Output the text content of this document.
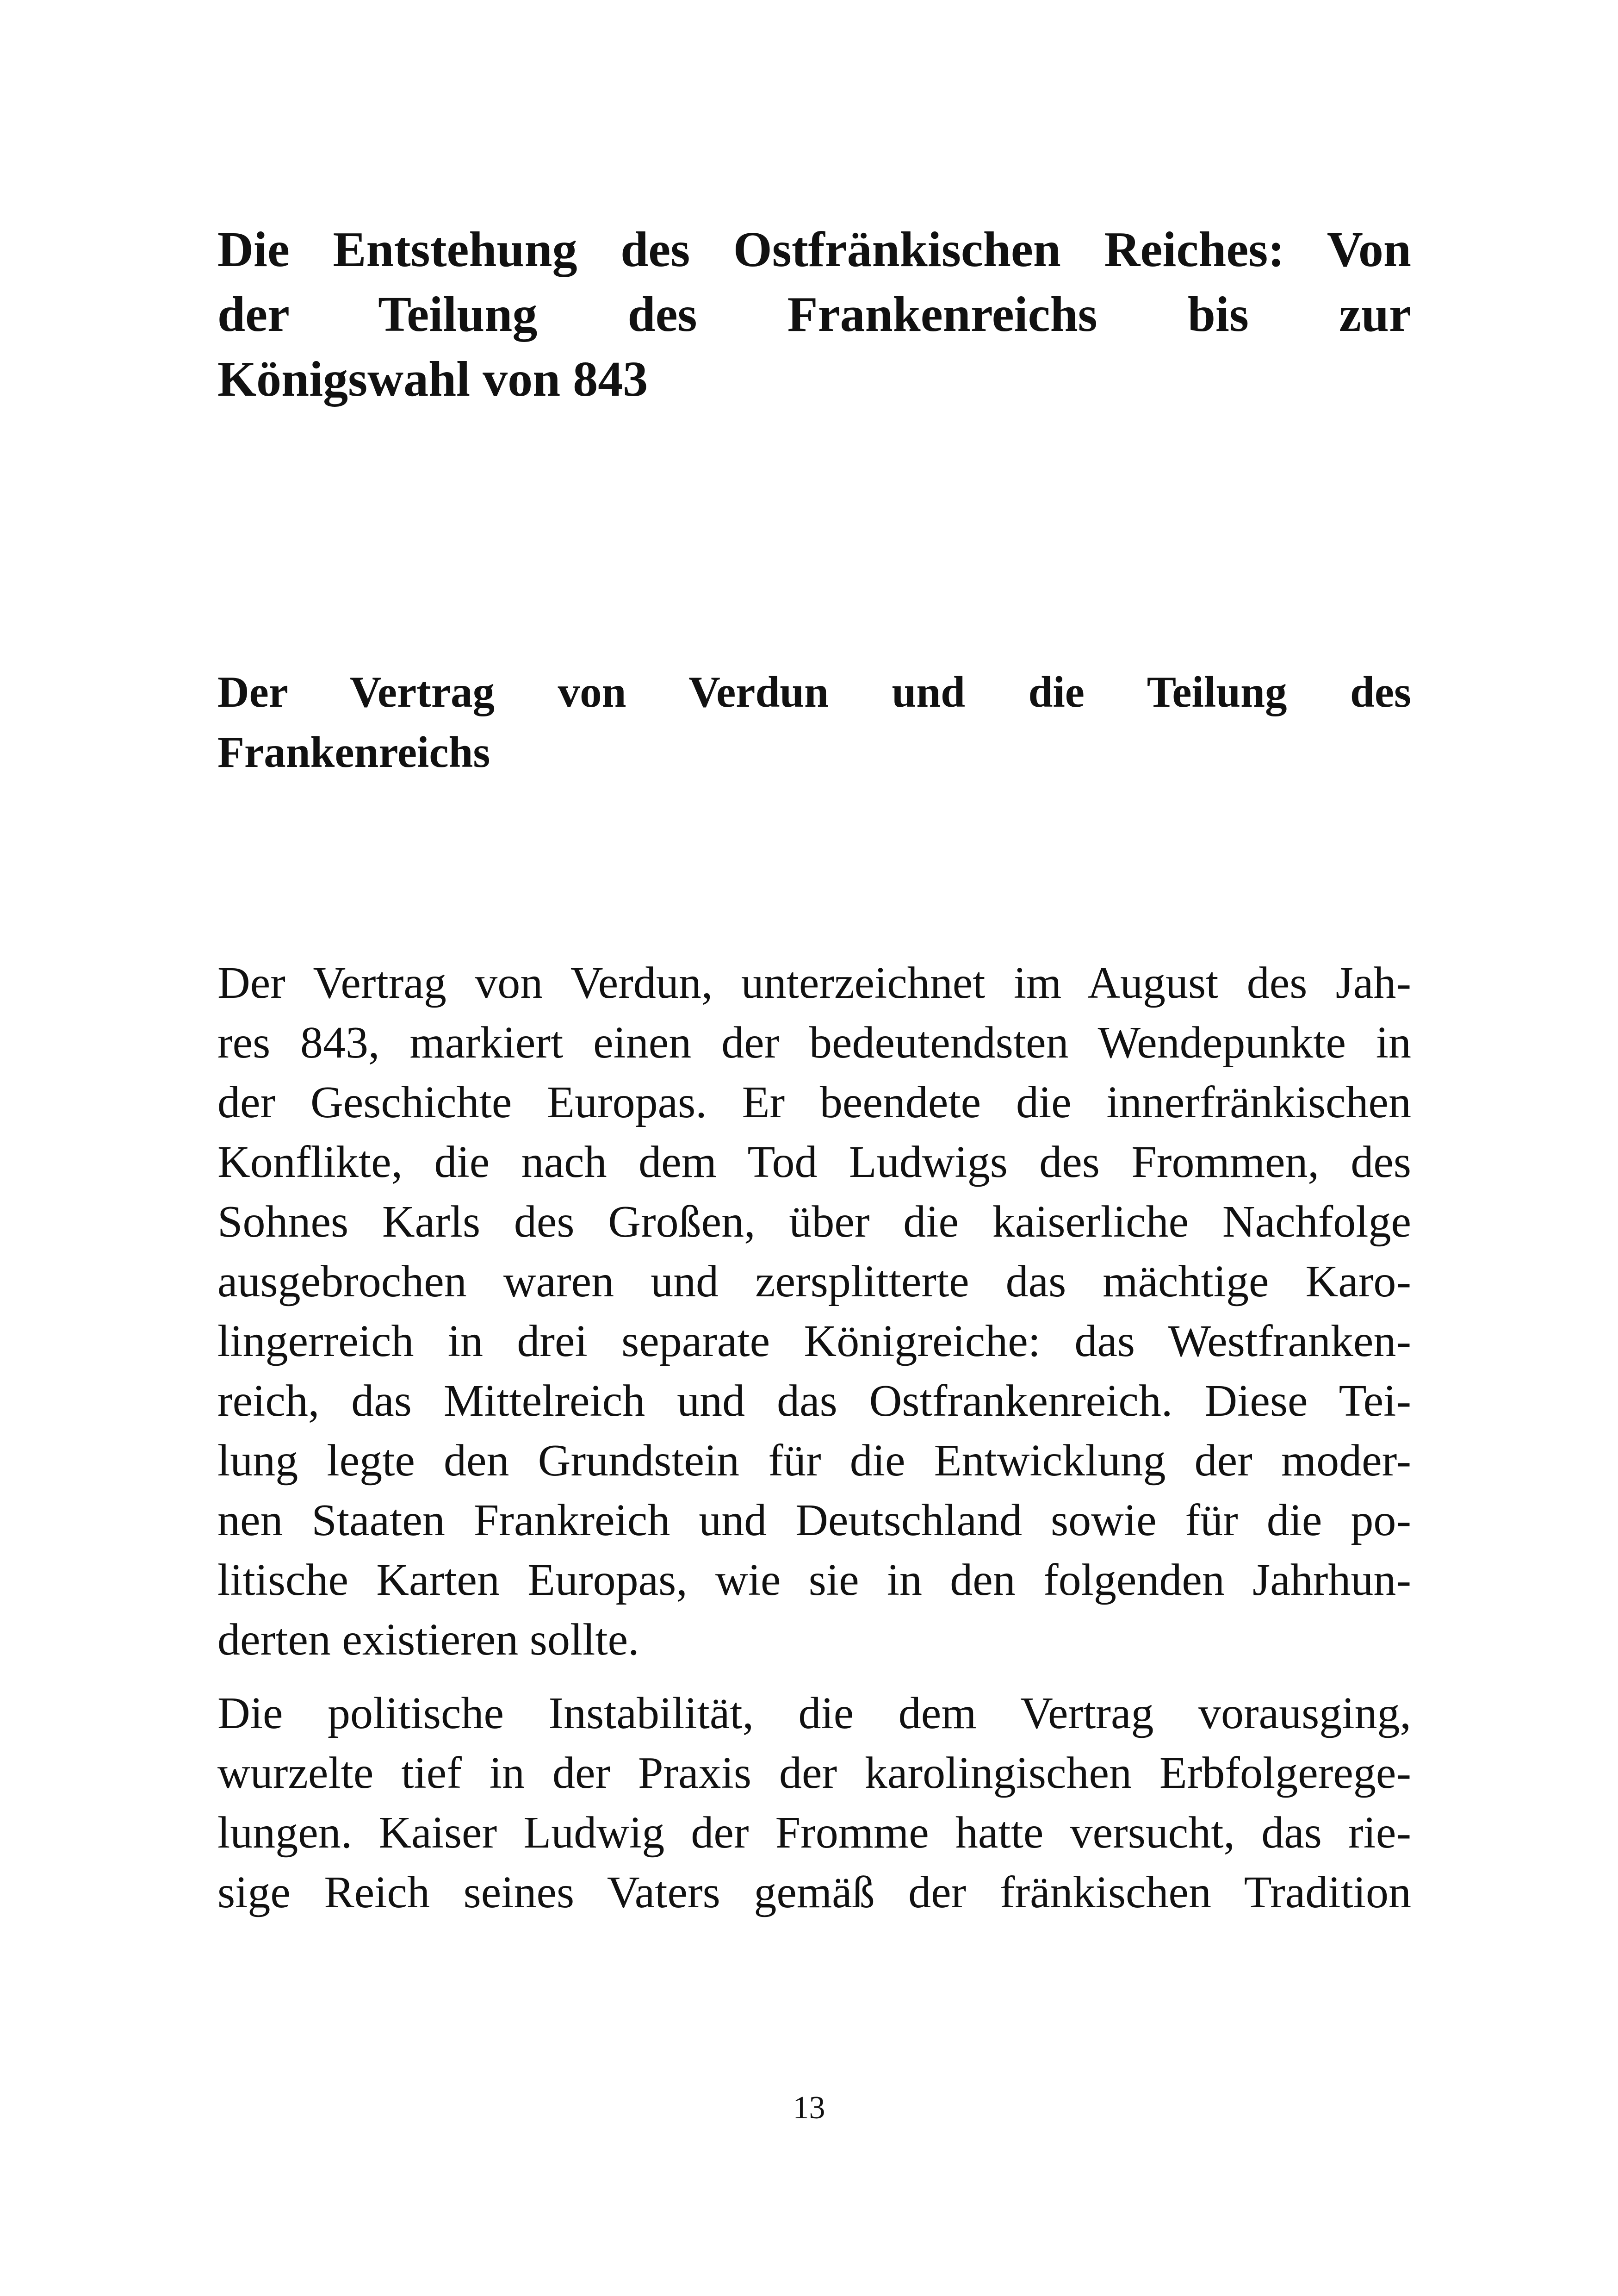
Die Entstehung des Ostfränkischen Reiches: Von
der Teilung des Frankenreichs bis zur
Königswahl von 843
Der Vertrag von Verdun und die Teilung des
Frankenreichs

Der Vertrag von Verdun, unterzeichnet im August des Jah-
res 843, markiert einen der bedeutendsten Wendepunkte in
der Geschichte Europas. Er beendete die innerfränkischen
Konflikte, die nach dem Tod Ludwigs des Frommen, des
Sohnes Karls des Großen, über die kaiserliche Nachfolge
ausgebrochen waren und zersplitterte das mächtige Karo-
lingerreich in drei separate Königreiche: das Westfranken-
reich, das Mittelreich und das Ostfrankenreich. Diese Tei-
lung legte den Grundstein für die Entwicklung der moder-
nen Staaten Frankreich und Deutschland sowie für die po-
litische Karten Europas, wie sie in den folgenden Jahrhun-
derten existieren sollte.

Die politische Instabilität, die dem Vertrag vorausging,
wurzelte tief in der Praxis der karolingischen Erbfolgerege-
lungen. Kaiser Ludwig der Fromme hatte versucht, das rie-
sige Reich seines Vaters gemäß der fränkischen Tradition

13
